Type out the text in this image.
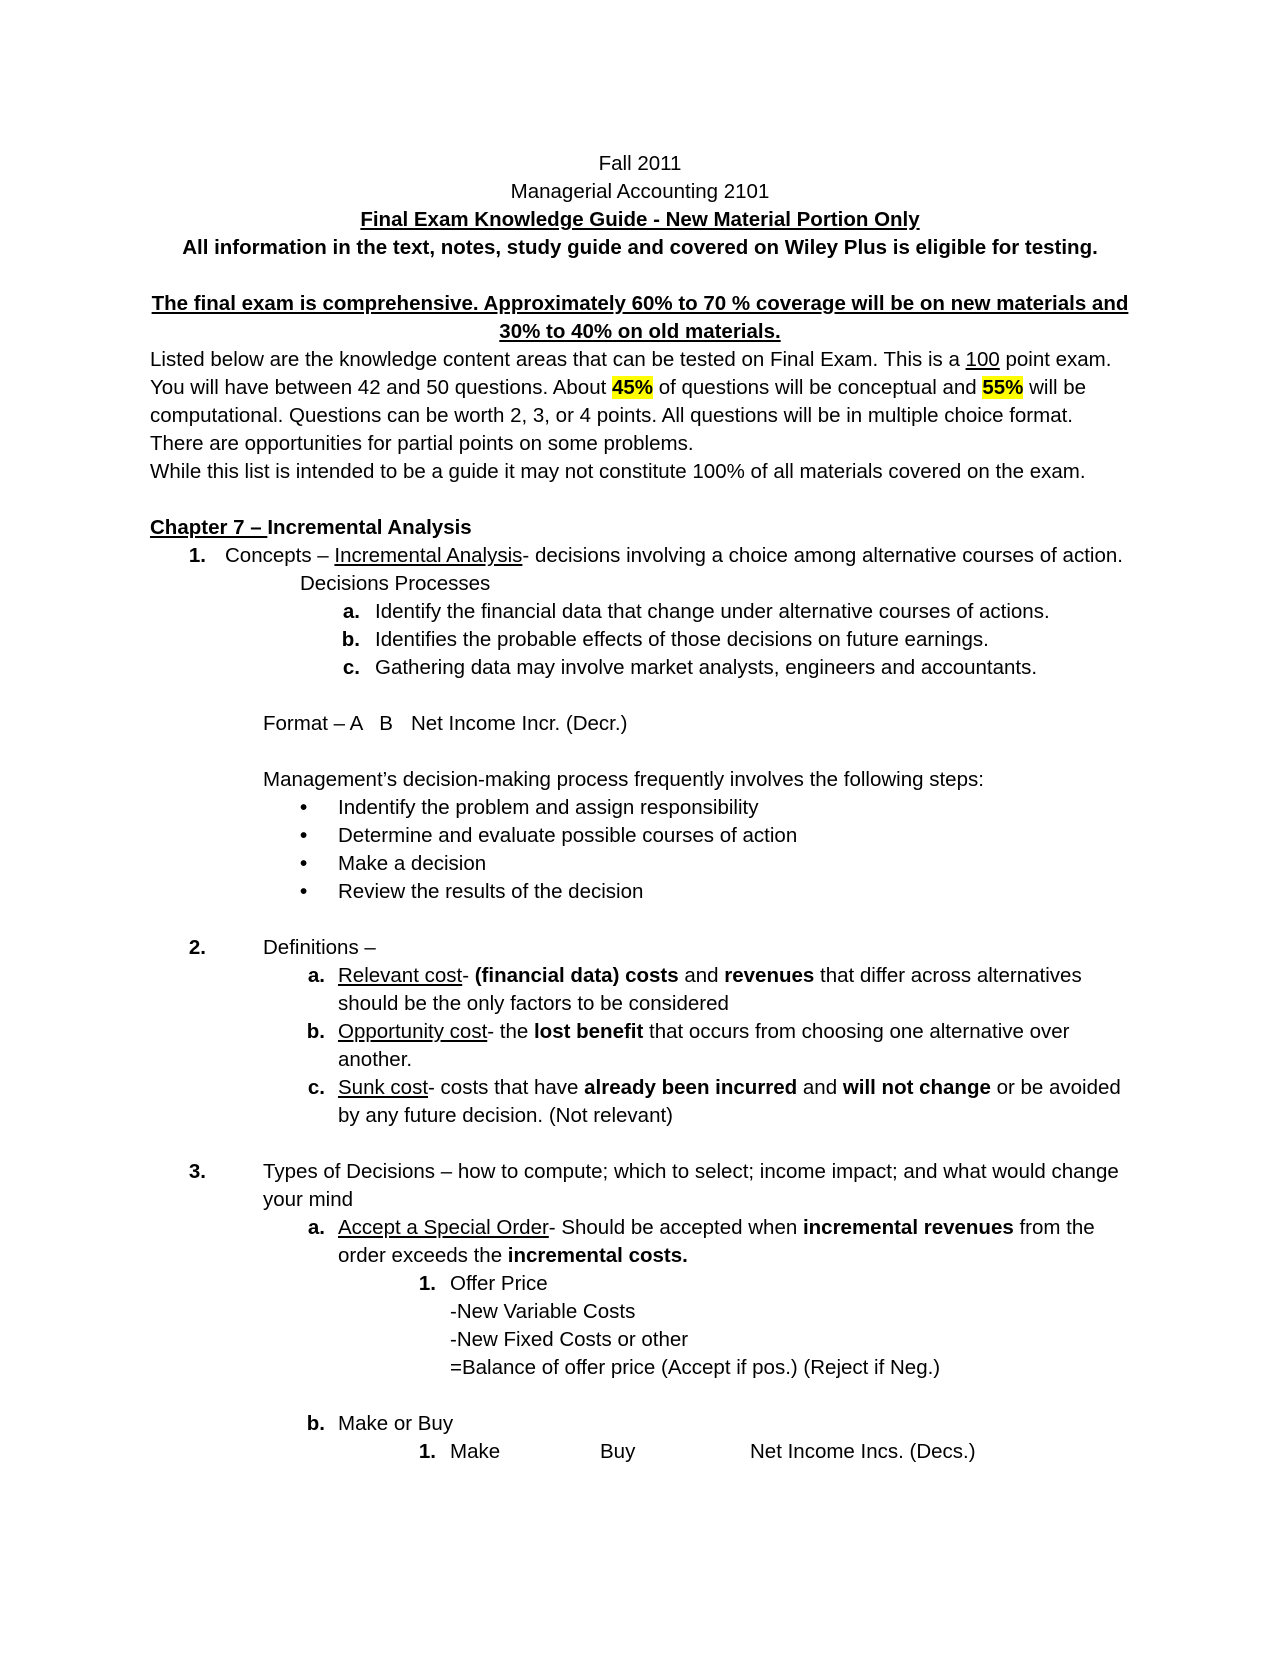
Fall 2011

Managerial Accounting 2101

Final Exam Knowledge Guide - New Material Portion Only

All information in the text, notes, study guide and covered on Wiley Plus is eligible for testing.

The final exam is comprehensive. Approximately 60% to 70 % coverage will be on new materials and

30% to 40% on old materials.

Listed below are the knowledge content areas that can be tested on Final Exam. This is a 100 point exam. You will have between 42 and 50 questions. About 45% of questions will be conceptual and 55% will be computational. Questions can be worth 2, 3, or 4 points. All questions will be in multiple choice format. There are opportunities for partial points on some problems.

While this list is intended to be a guide it may not constitute 100% of all materials covered on the exam.

Chapter 7 – Incremental Analysis

1. Concepts – Incremental Analysis- decisions involving a choice among alternative courses of action.

Decisions Processes

a. Identify the financial data that change under alternative courses of actions.

b. Identifies the probable effects of those decisions on future earnings.

c. Gathering data may involve market analysts, engineers and accountants.

Format – A B Net Income Incr. (Decr.)

Management’s decision-making process frequently involves the following steps:

• Indentify the problem and assign responsibility

• Determine and evaluate possible courses of action

• Make a decision

• Review the results of the decision

2.	Definitions –

a. Relevant cost- (financial data) costs and revenues that differ across alternatives should be the only factors to be considered

b. Opportunity cost- the lost benefit that occurs from choosing one alternative over another.

c. Sunk cost- costs that have already been incurred and will not change or be avoided by any future decision. (Not relevant)

3.	Types of Decisions – how to compute; which to select; income impact; and what would change your mind

a. Accept a Special Order- Should be accepted when incremental revenues from the order exceeds the incremental costs.

1. Offer Price

-New Variable Costs

-New Fixed Costs or other

=Balance of offer price (Accept if pos.) (Reject if Neg.)

b. Make or Buy

1. Make	Buy	Net Income Incs. (Decs.)
